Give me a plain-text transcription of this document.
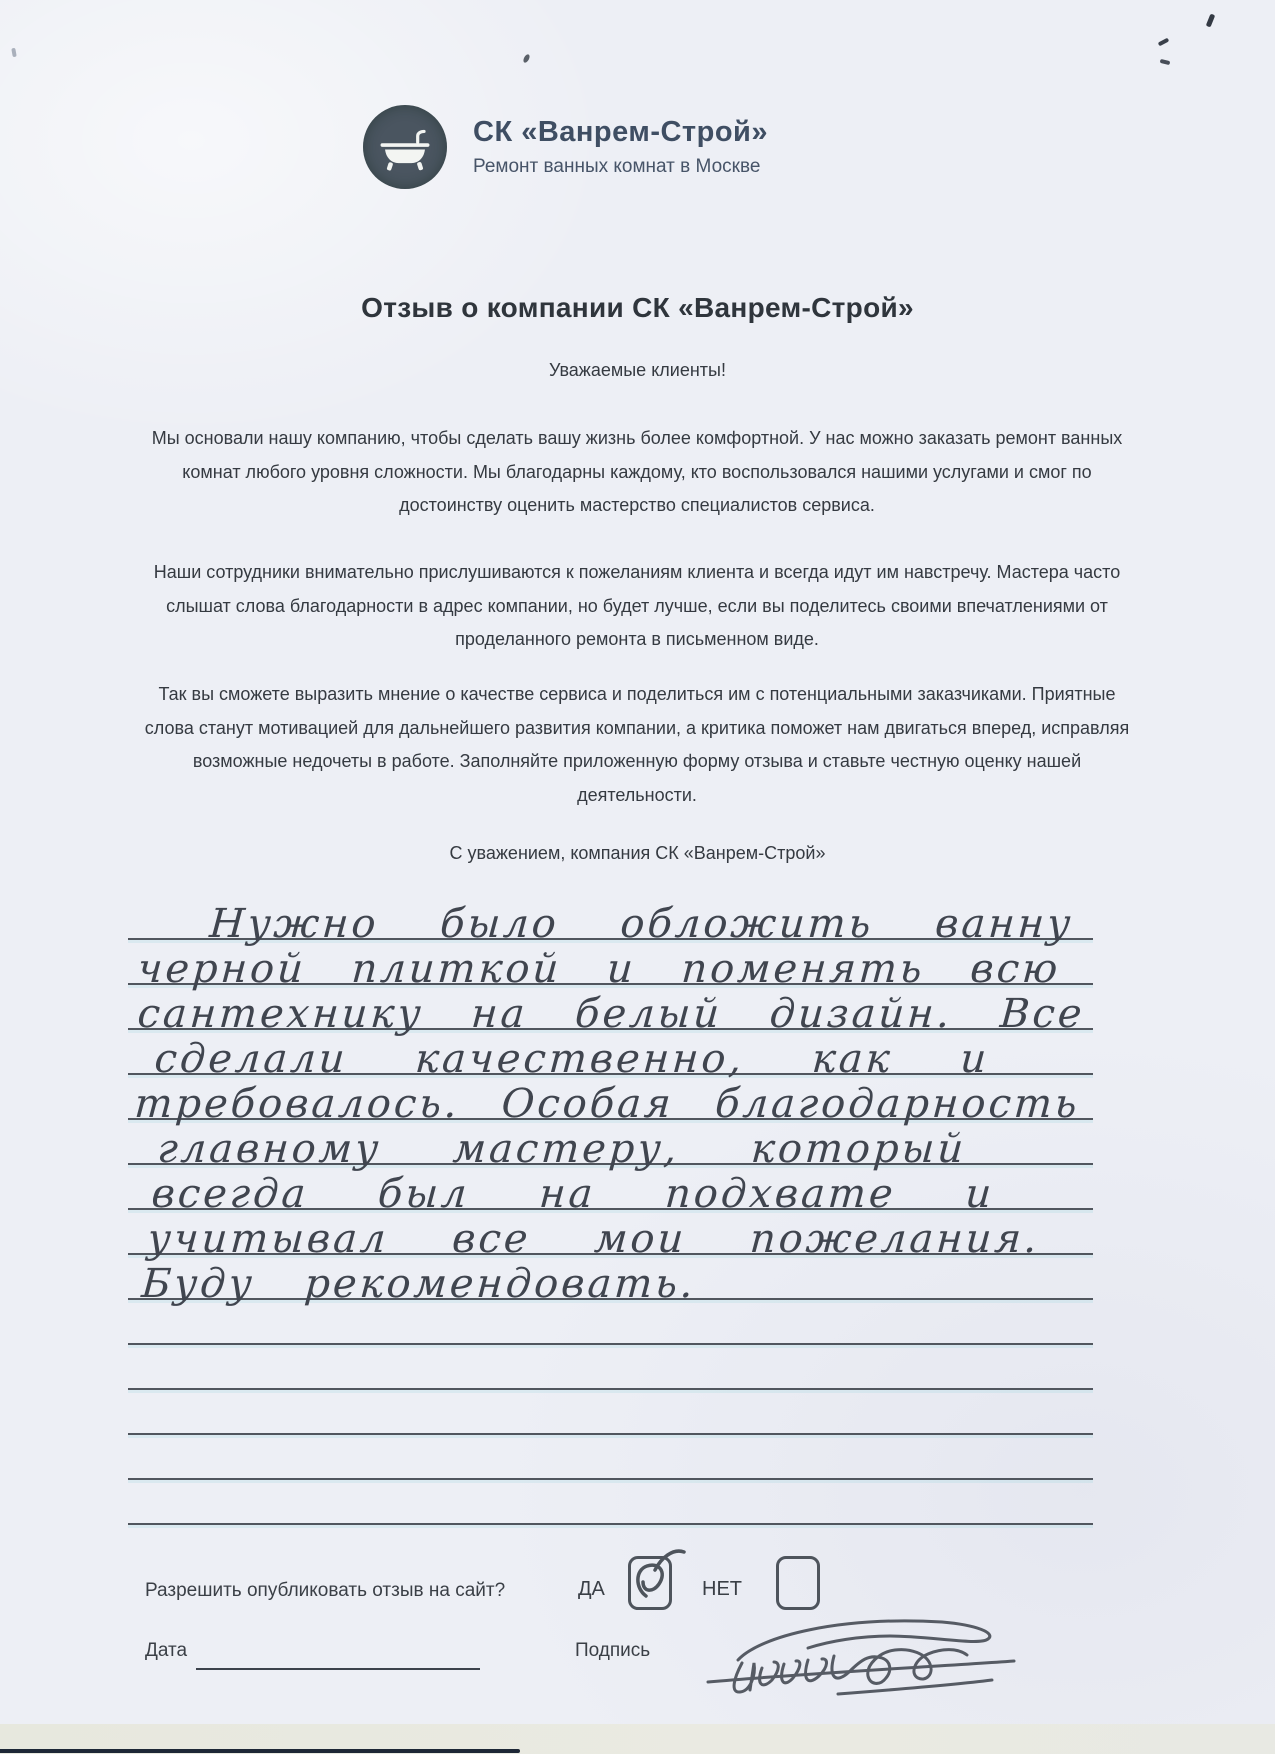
СК «Ванрем-Строй»
Ремонт ванных комнат в Москве
Отзыв о компании СК «Ванрем-Строй»
Уважаемые клиенты!

Мы основали нашу компанию, чтобы сделать вашу жизнь более комфортной. У нас можно заказать ремонт ванных комнат любого уровня сложности. Мы благодарны каждому, кто воспользовался нашими услугами и смог по достоинству оценить мастерство специалистов сервиса.

Наши сотрудники внимательно прислушиваются к пожеланиям клиента и всегда идут им навстречу. Мастера часто слышат слова благодарности в адрес компании, но будет лучше, если вы поделитесь своими впечатлениями от проделанного ремонта в письменном виде.

Так вы сможете выразить мнение о качестве сервиса и поделиться им с потенциальными заказчиками. Приятные слова станут мотивацией для дальнейшего развития компании, а критика поможет нам двигаться вперед, исправляя возможные недочеты в работе. Заполняйте приложенную форму отзыва и ставьте честную оценку нашей деятельности.

С уважением, компания СК «Ванрем-Строй»
Нужно было обложить ванну
черной плиткой и поменять всю
сантехнику на белый дизайн. Все
сделали качественно, как и
требовалось. Особая благодарность
главному мастеру, который
всегда был на подхвате и
учитывал все мои пожелания.
Буду рекомендовать.
Разрешить опубликовать отзыв на сайт?	ДА	НЕТ
Дата	Подпись
